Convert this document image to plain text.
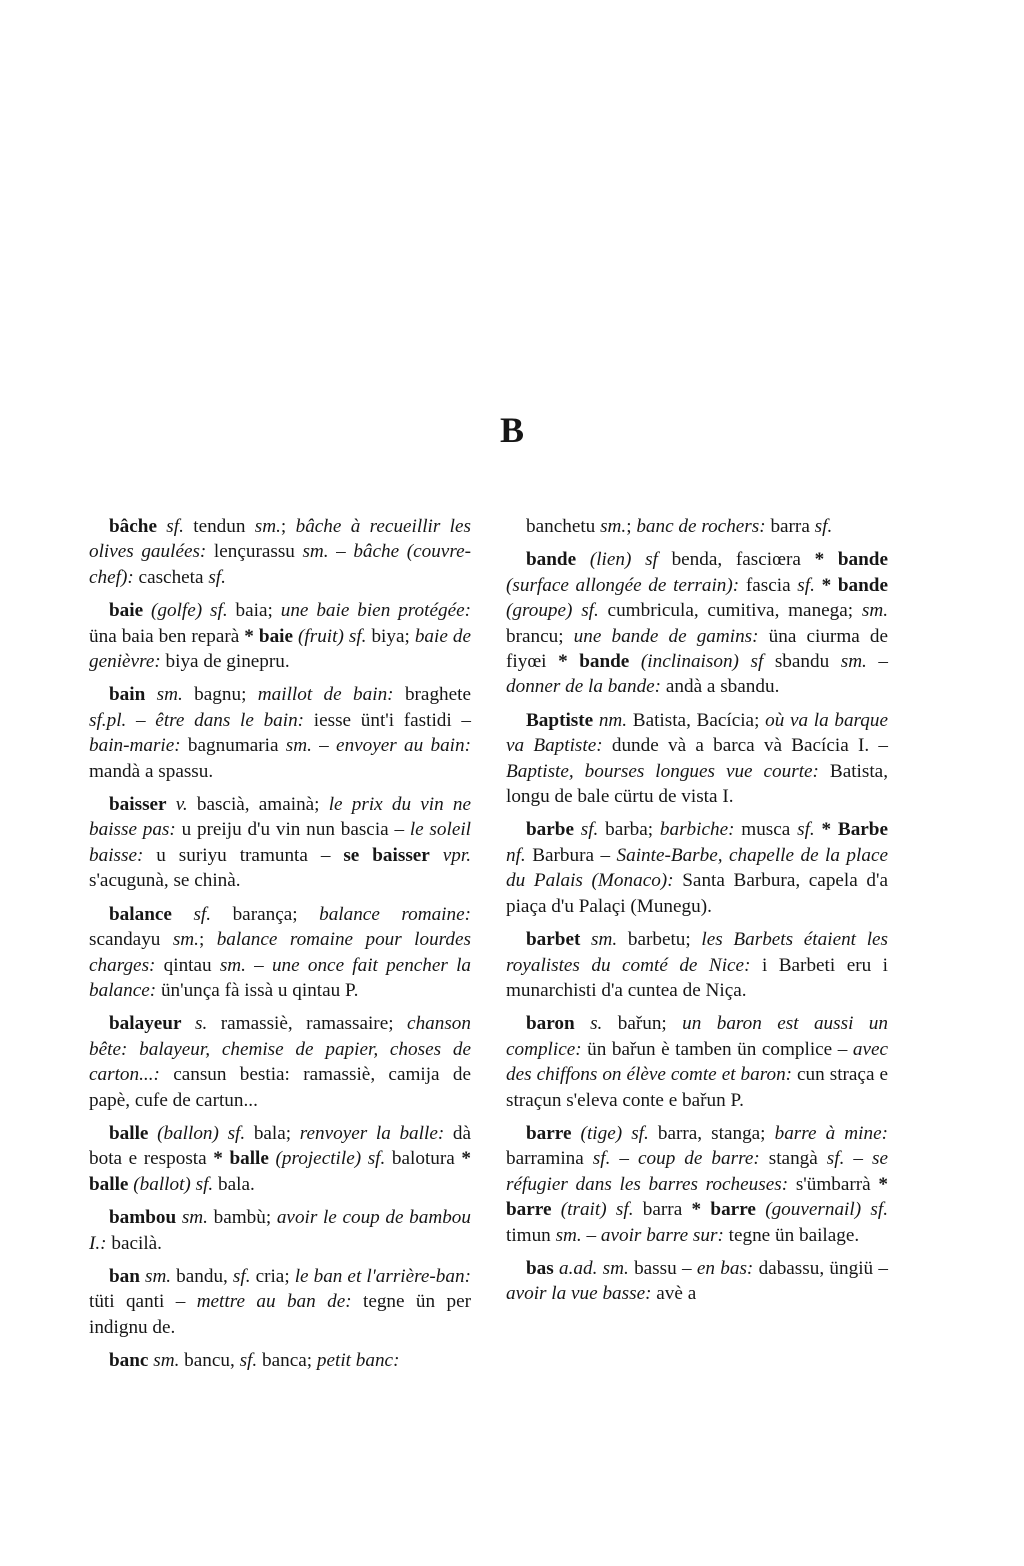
B

bâche sf. tendun sm.; bâche à recueillir les olives gaulées: lençurassu sm. – bâche (couvre-chef): cascheta sf.

baie (golfe) sf. baia; une baie bien protégée: üna baia ben reparà * baie (fruit) sf. biya; baie de genièvre: biya de ginepru.

bain sm. bagnu; maillot de bain: braghete sf.pl. – être dans le bain: iesse ünt'i fastidi – bain-marie: bagnumaria sm. – envoyer au bain: mandà a spassu.

baisser v. bascià, amainà; le prix du vin ne baisse pas: u preiju d'u vin nun bascia – le soleil baisse: u suriyu tramunta – se baisser vpr. s'acugunà, se chinà.

balance sf. barança; balance romaine: scandayu sm.; balance romaine pour lourdes charges: qintau sm. – une once fait pencher la balance: ün'unça fà issà u qintau P.

balayeur s. ramassiè, ramassaire; chanson bête: balayeur, chemise de papier, choses de carton...: cansun bestia: ramassiè, camija de papè, cufe de cartun...

balle (ballon) sf. bala; renvoyer la balle: dà bota e resposta * balle (projectile) sf. balotura * balle (ballot) sf. bala.

bambou sm. bambù; avoir le coup de bambou I.: bacilà.

ban sm. bandu, sf. cria; le ban et l'arrière-ban: tüti qanti – mettre au ban de: tegne ün per indignu de.

banc sm. bancu, sf. banca; petit banc:

banchetu sm.; banc de rochers: barra sf.

bande (lien) sf benda, fasciœra * bande (surface allongée de terrain): fascia sf. * bande (groupe) sf. cumbricula, cumitiva, manega; sm. brancu; une bande de gamins: üna ciurma de fiyœi * bande (inclinaison) sf sbandu sm. – donner de la bande: andà a sbandu.

Baptiste nm. Batista, Bacícia; où va la barque va Baptiste: dunde và a barca và Bacícia I. – Baptiste, bourses longues vue courte: Batista, longu de bale cürtu de vista I.

barbe sf. barba; barbiche: musca sf. * Barbe nf. Barbura – Sainte-Barbe, chapelle de la place du Palais (Monaco): Santa Barbura, capela d'a piaça d'u Palaçi (Munegu).

barbet sm. barbetu; les Barbets étaient les royalistes du comté de Nice: i Barbeti eru i munarchisti d'a cuntea de Niça.

baron s. bařun; un baron est aussi un complice: ün bařun è tamben ün complice – avec des chiffons on élève comte et baron: cun straça e straçun s'eleva conte e bařun P.

barre (tige) sf. barra, stanga; barre à mine: barramina sf. – coup de barre: stangà sf. – se réfugier dans les barres rocheuses: s'ümbarrà * barre (trait) sf. barra * barre (gouvernail) sf. timun sm. – avoir barre sur: tegne ün bailage.

bas a.ad. sm. bassu – en bas: dabassu, üngiü – avoir la vue basse: avè a
